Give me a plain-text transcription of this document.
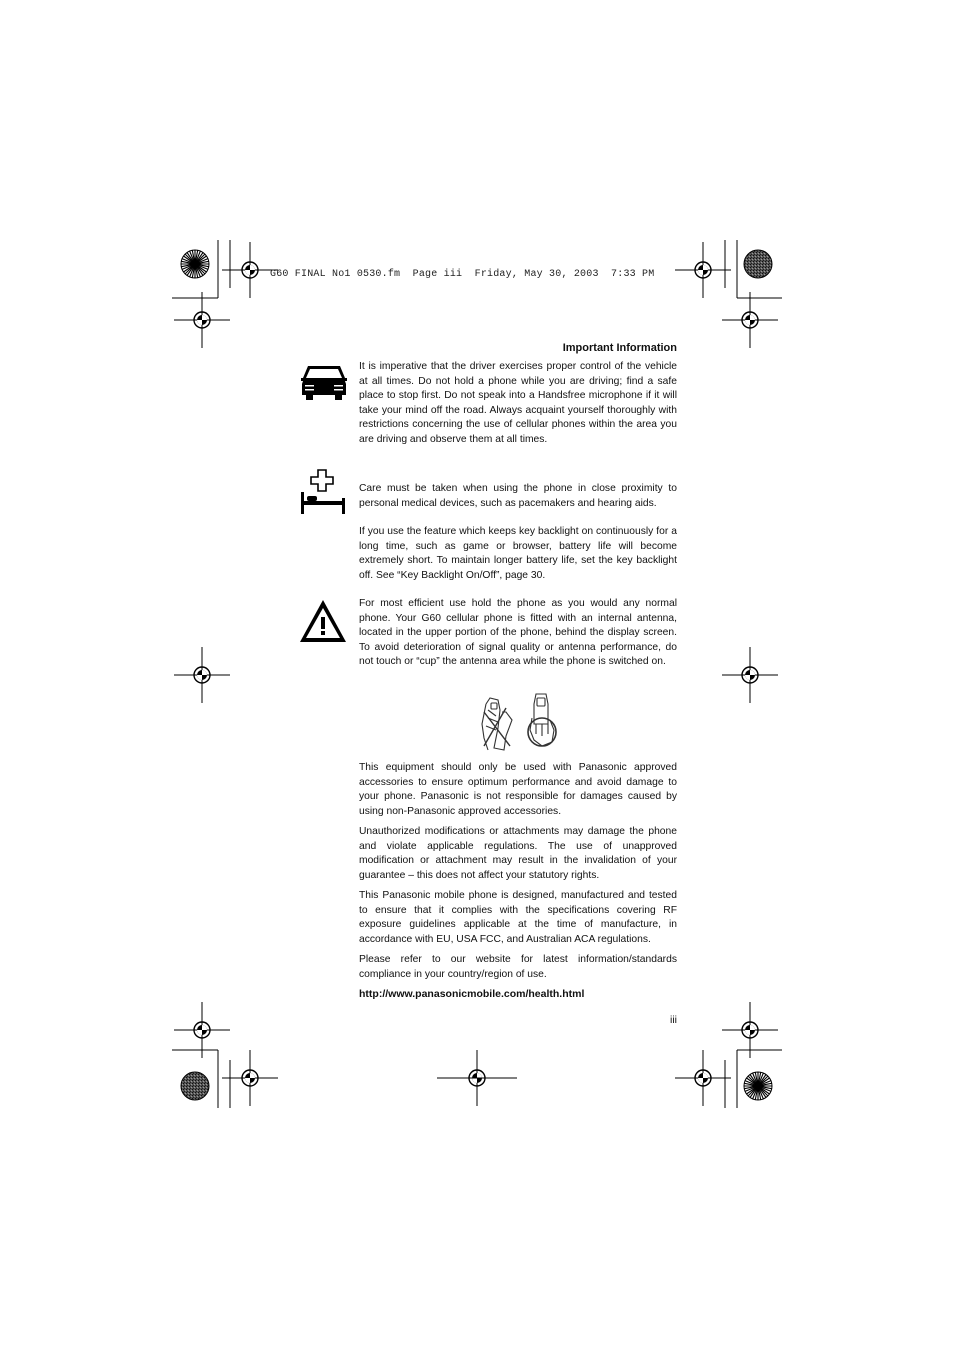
G60 FINAL No1 0530.fm  Page iii  Friday, May 30, 2003  7:33 PM
Important Information

It is imperative that the driver exercises proper control of the vehicle at all times. Do not hold a phone while you are driving; find a safe place to stop first. Do not speak into a Handsfree microphone if it will take your mind off the road. Always acquaint yourself thoroughly with restrictions concerning the use of cellular phones within the area you are driving and observe them at all times.

Care must be taken when using the phone in close proximity to personal medical devices, such as pacemakers and hearing aids.

If you use the feature which keeps key backlight on continuously for a long time, such as game or browser, battery life will become extremely short. To maintain longer battery life, set the key backlight off. See “Key Backlight On/Off”, page 30.

For most efficient use hold the phone as you would any normal phone. Your G60 cellular phone is fitted with an internal antenna, located in the upper portion of the phone, behind the display screen. To avoid deterioration of signal quality or antenna performance, do not touch or “cup” the antenna area while the phone is switched on.

This equipment should only be used with Panasonic approved accessories to ensure optimum performance and avoid damage to your phone. Panasonic is not responsible for damages caused by using non-Panasonic approved accessories.

Unauthorized modifications or attachments may damage the phone and violate applicable regulations. The use of unapproved modification or attachment may result in the invalidation of your guarantee – this does not affect your statutory rights.

This Panasonic mobile phone is designed, manufactured and tested to ensure that it complies with the specifications covering RF exposure guidelines applicable at the time of manufacture, in accordance with EU, USA FCC, and Australian ACA regulations.

Please refer to our website for latest information/standards compliance in your country/region of use.

http://www.panasonicmobile.com/health.html
iii
